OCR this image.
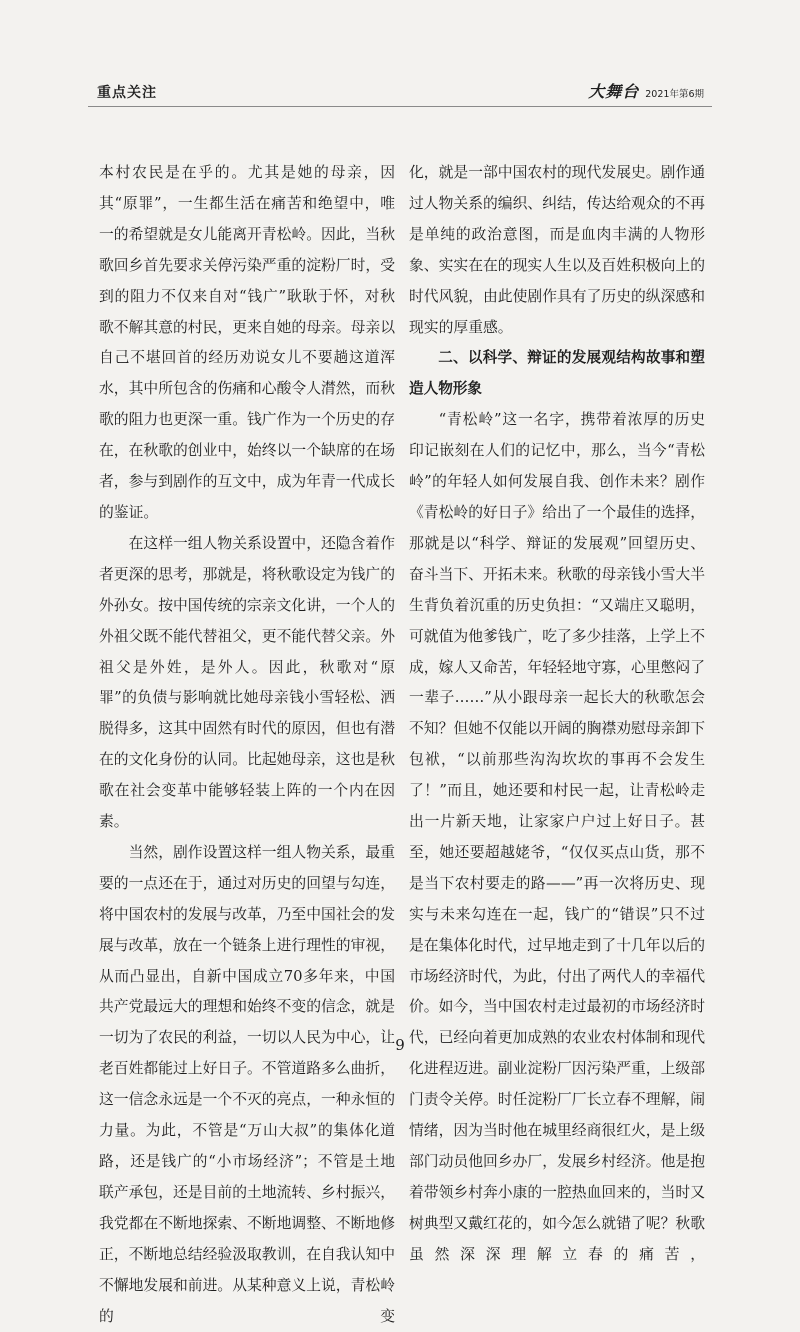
重点关注	大舞台 2021年第6期

本村农民是在乎的。尤其是她的母亲，因其“原罪”，一生都生活在痛苦和绝望中，唯一的希望就是女儿能离开青松岭。因此，当秋歌回乡首先要求关停污染严重的淀粉厂时，受到的阻力不仅来自对“钱广”耿耿于怀，对秋歌不解其意的村民，更来自她的母亲。母亲以自己不堪回首的经历劝说女儿不要趟这道浑水，其中所包含的伤痛和心酸令人潸然，而秋歌的阻力也更深一重。钱广作为一个历史的存在，在秋歌的创业中，始终以一个缺席的在场者，参与到剧作的互文中，成为年青一代成长的鉴证。

在这样一组人物关系设置中，还隐含着作者更深的思考，那就是，将秋歌设定为钱广的外孙女。按中国传统的宗亲文化讲，一个人的外祖父既不能代替祖父，更不能代替父亲。外祖父是外姓，是外人。因此，秋歌对“原罪”的负债与影响就比她母亲钱小雪轻松、洒脱得多，这其中固然有时代的原因，但也有潜在的文化身份的认同。比起她母亲，这也是秋歌在社会变革中能够轻装上阵的一个内在因素。

当然，剧作设置这样一组人物关系，最重要的一点还在于，通过对历史的回望与勾连，将中国农村的发展与改革，乃至中国社会的发展与改革，放在一个链条上进行理性的审视，从而凸显出，自新中国成立70多年来，中国共产党最远大的理想和始终不变的信念，就是一切为了农民的利益，一切以人民为中心，让老百姓都能过上好日子。不管道路多么曲折，这一信念永远是一个不灭的亮点，一种永恒的力量。为此，不管是“万山大叔”的集体化道路，还是钱广的“小市场经济”；不管是土地联产承包，还是目前的土地流转、乡村振兴，我党都在不断地探索、不断地调整、不断地修正，不断地总结经验汲取教训，在自我认知中不懈地发展和前进。从某种意义上说，青松岭的变

化，就是一部中国农村的现代发展史。剧作通过人物关系的编织、纠结，传达给观众的不再是单纯的政治意图，而是血肉丰满的人物形象、实实在在的现实人生以及百姓积极向上的时代风貌，由此使剧作具有了历史的纵深感和现实的厚重感。

二、以科学、辩证的发展观结构故事和塑造人物形象

“青松岭”这一名字，携带着浓厚的历史印记嵌刻在人们的记忆中，那么，当今“青松岭”的年轻人如何发展自我、创作未来？剧作《青松岭的好日子》给出了一个最佳的选择，那就是以“科学、辩证的发展观”回望历史、奋斗当下、开拓未来。秋歌的母亲钱小雪大半生背负着沉重的历史负担：“又端庄又聪明，可就值为他爹钱广，吃了多少挂落，上学上不成，嫁人又命苦，年轻轻地守寡，心里憋闷了一辈子……”从小跟母亲一起长大的秋歌怎会不知？但她不仅能以开阔的胸襟劝慰母亲卸下包袱，“以前那些沟沟坎坎的事再不会发生了！”而且，她还要和村民一起，让青松岭走出一片新天地，让家家户户过上好日子。甚至，她还要超越姥爷，“仅仅买点山货，那不是当下农村要走的路——”再一次将历史、现实与未来勾连在一起，钱广的“错误”只不过是在集体化时代，过早地走到了十几年以后的市场经济时代，为此，付出了两代人的幸福代价。如今，当中国农村走过最初的市场经济时代，已经向着更加成熟的农业农村体制和现代化进程迈进。副业淀粉厂因污染严重，上级部门责令关停。时任淀粉厂厂长立春不理解，闹情绪，因为当时他在城里经商很红火，是上级部门动员他回乡办厂，发展乡村经济。他是抱着带领乡村奔小康的一腔热血回来的，当时又树典型又戴红花的，如今怎么就错了呢？秋歌虽然深深理解立春的痛苦，

9
